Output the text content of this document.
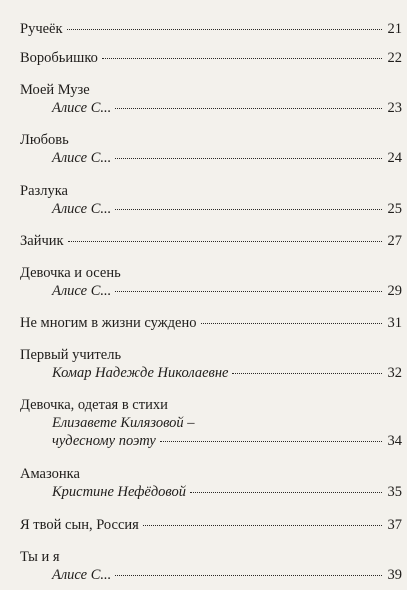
Ручеёк	21
Воробьишко	22
Моей Музе
Алисе С...	23
Любовь
Алисе С...	24
Разлука
Алисе С...	25
Зайчик	27
Девочка и осень
Алисе С...	29
Не многим в жизни суждено	31
Первый учитель
Комар Надежде Николаевне	32
Девочка, одетая в стихи
Елизавете Килязовой –
чудесному поэту	34
Амазонка
Кристине Нефёдовой	35
Я твой сын, Россия	37
Ты и я
Алисе С...	39
